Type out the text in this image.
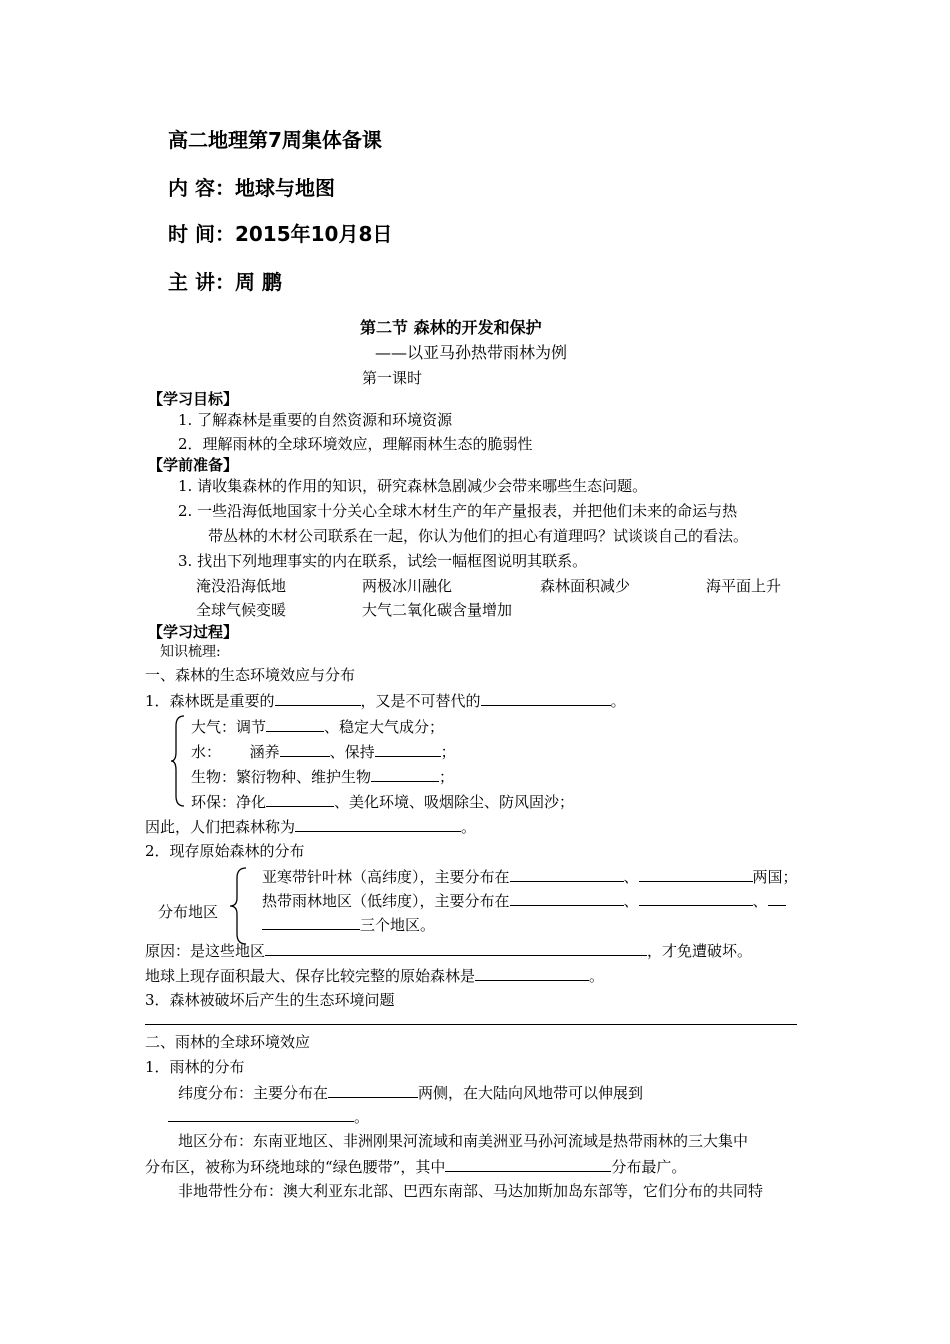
高二地理第7周集体备课
内 容：地球与地图
时 间：2015年10月8日
主 讲：周 鹏
第二节 森林的开发和保护
——以亚马孙热带雨林为例
第一课时
【学习目标】
1. 了解森林是重要的自然资源和环境资源
2．理解雨林的全球环境效应，理解雨林生态的脆弱性
【学前准备】
1. 请收集森林的作用的知识，研究森林急剧减少会带来哪些生态问题。
2. 一些沿海低地国家十分关心全球木材生产的年产量报表，并把他们未来的命运与热
带丛林的木材公司联系在一起，你认为他们的担心有道理吗？试谈谈自己的看法。
3. 找出下列地理事实的内在联系，试绘一幅框图说明其联系。
淹没沿海低地	两极冰川融化	森林面积减少	海平面上升
全球气候变暖	大气二氧化碳含量增加
【学习过程】
知识梳理:
一、森林的生态环境效应与分布
1．森林既是重要的	，又是不可替代的	。
大气：调节	、稳定大气成分；
水：      涵养	、保持	；
生物：繁衍物种、维护生物	；
环保：净化	、美化环境、吸烟除尘、防风固沙；
因此，人们把森林称为	。
2．现存原始森林的分布
分布地区
亚寒带针叶林（高纬度），主要分布在	、	两国；
热带雨林地区（低纬度），主要分布在	、	、
三个地区。
原因：是这些地区	，才免遭破坏。
地球上现存面积最大、保存比较完整的原始森林是	。
3．森林被破坏后产生的生态环境问题
二、雨林的全球环境效应
1．雨林的分布
纬度分布：主要分布在	两侧，在大陆向风地带可以伸展到
。
地区分布：东南亚地区、非洲刚果河流域和南美洲亚马孙河流域是热带雨林的三大集中
分布区，被称为环绕地球的“绿色腰带”，其中	分布最广。
非地带性分布：澳大利亚东北部、巴西东南部、马达加斯加岛东部等，它们分布的共同特
